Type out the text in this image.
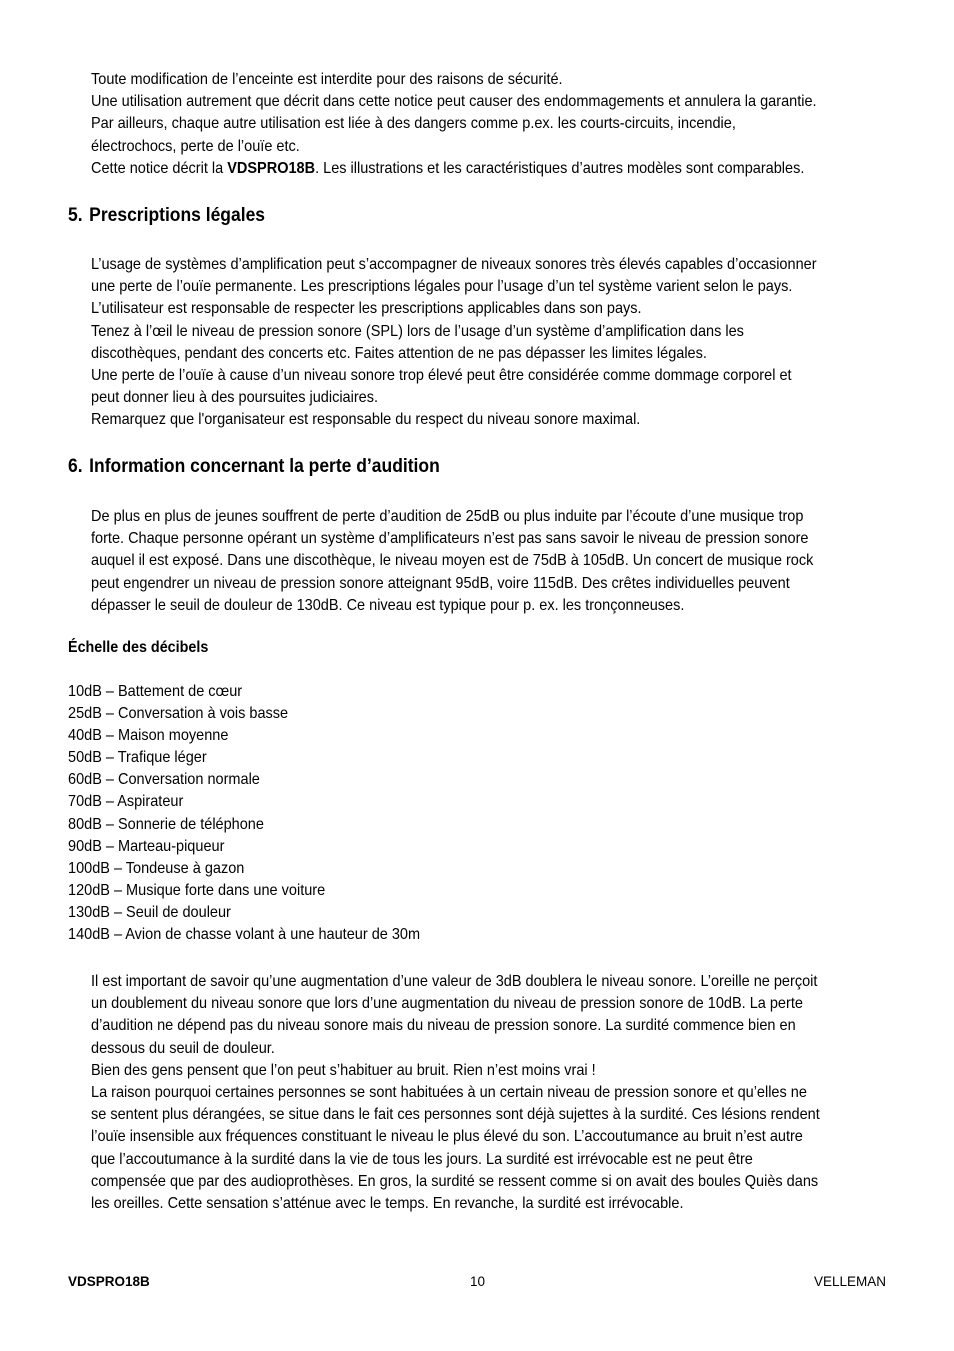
Toute modification de l’enceinte est interdite pour des raisons de sécurité.

Une utilisation autrement que décrit dans cette notice peut causer des endommagements et annulera la garantie.

Par ailleurs, chaque autre utilisation est liée à des dangers comme p.ex. les courts-circuits, incendie,

électrochocs, perte de l’ouïe etc.

Cette notice décrit la VDSPRO18B. Les illustrations et les caractéristiques d’autres modèles sont comparables.

5. Prescriptions légales

L’usage de systèmes d’amplification peut s’accompagner de niveaux sonores très élevés capables d’occasionner

une perte de l’ouïe permanente. Les prescriptions légales pour l’usage d’un tel système varient selon le pays.

L’utilisateur est responsable de respecter les prescriptions applicables dans son pays.

Tenez à l’œil le niveau de pression sonore (SPL) lors de l’usage d’un système d’amplification dans les

discothèques, pendant des concerts etc. Faites attention de ne pas dépasser les limites légales.

Une perte de l’ouïe à cause d’un niveau sonore trop élevé peut être considérée comme dommage corporel et

peut donner lieu à des poursuites judiciaires.

Remarquez que l'organisateur est responsable du respect du niveau sonore maximal.

6. Information concernant la perte d’audition

De plus en plus de jeunes souffrent de perte d’audition de 25dB ou plus induite par l’écoute d’une musique trop

forte. Chaque personne opérant un système d’amplificateurs n’est pas sans savoir le niveau de pression sonore

auquel il est exposé. Dans une discothèque, le niveau moyen est de 75dB à 105dB. Un concert de musique rock

peut engendrer un niveau de pression sonore atteignant 95dB, voire 115dB. Des crêtes individuelles peuvent

dépasser le seuil de douleur de 130dB. Ce niveau est typique pour p. ex. les tronçonneuses.

Échelle des décibels
10dB – Battement de cœur
25dB – Conversation à vois basse
40dB – Maison moyenne
50dB – Trafique léger
60dB – Conversation normale
70dB – Aspirateur
80dB – Sonnerie de téléphone
90dB – Marteau-piqueur
100dB – Tondeuse à gazon
120dB – Musique forte dans une voiture
130dB – Seuil de douleur
140dB – Avion de chasse volant à une hauteur de 30m

Il est important de savoir qu’une augmentation d’une valeur de 3dB doublera le niveau sonore. L’oreille ne perçoit

un doublement du niveau sonore que lors d’une augmentation du niveau de pression sonore de 10dB. La perte

d’audition ne dépend pas du niveau sonore mais du niveau de pression sonore. La surdité commence bien en

dessous du seuil de douleur.

Bien des gens pensent que l’on peut s’habituer au bruit. Rien n’est moins vrai !

La raison pourquoi certaines personnes se sont habituées à un certain niveau de pression sonore et qu’elles ne

se sentent plus dérangées, se situe dans le fait ces personnes sont déjà sujettes à la surdité. Ces lésions rendent

l’ouïe insensible aux fréquences constituant le niveau le plus élevé du son. L’accoutumance au bruit n’est autre

que l’accoutumance à la surdité dans la vie de tous les jours. La surdité est irrévocable est ne peut être

compensée que par des audioprothèses. En gros, la surdité se ressent comme si on avait des boules Quiès dans

les oreilles. Cette sensation s’atténue avec le temps. En revanche, la surdité est irrévocable.

VDSPRO18B	10	VELLEMAN
